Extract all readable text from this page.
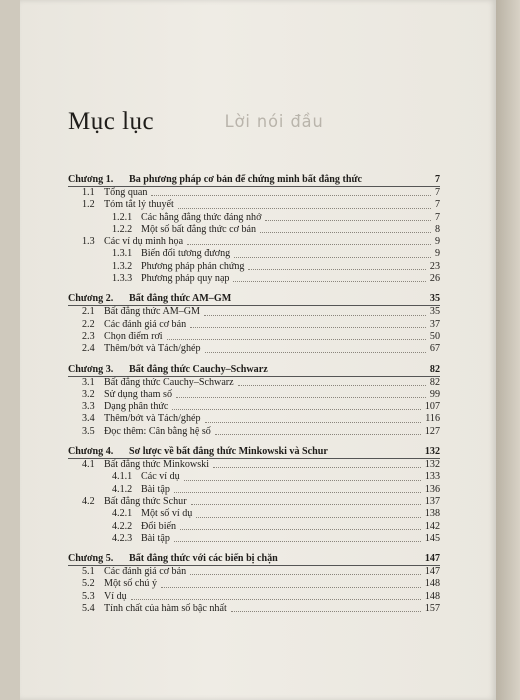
Lời nói đầu
Mục lục
Chương 1. Ba phương pháp cơ bản để chứng minh bất đẳng thức	7
1.1 Tổng quan	7
1.2 Tóm tắt lý thuyết	7
1.2.1 Các hằng đẳng thức đáng nhớ	7
1.2.2 Một số bất đẳng thức cơ bản	8
1.3 Các ví dụ minh họa	9
1.3.1 Biến đổi tương đương	9
1.3.2 Phương pháp phản chứng	23
1.3.3 Phương pháp quy nạp	26
Chương 2. Bất đẳng thức AM–GM	35
2.1 Bất đẳng thức AM–GM	35
2.2 Các đánh giá cơ bản	37
2.3 Chọn điểm rơi	50
2.4 Thêm/bớt và Tách/ghép	67
Chương 3. Bất đẳng thức Cauchy–Schwarz	82
3.1 Bất đẳng thức Cauchy–Schwarz	82
3.2 Sử dụng tham số	99
3.3 Dạng phân thức	107
3.4 Thêm/bớt và Tách/ghép	116
3.5 Đọc thêm: Cân bằng hệ số	127
Chương 4. Sơ lược về bất đẳng thức Minkowski và Schur	132
4.1 Bất đẳng thức Minkowski	132
4.1.1 Các ví dụ	133
4.1.2 Bài tập	136
4.2 Bất đẳng thức Schur	137
4.2.1 Một số ví dụ	138
4.2.2 Đổi biến	142
4.2.3 Bài tập	145
Chương 5. Bất đẳng thức với các biến bị chặn	147
5.1 Các đánh giá cơ bản	147
5.2 Một số chú ý	148
5.3 Ví dụ	148
5.4 Tính chất của hàm số bậc nhất	157
